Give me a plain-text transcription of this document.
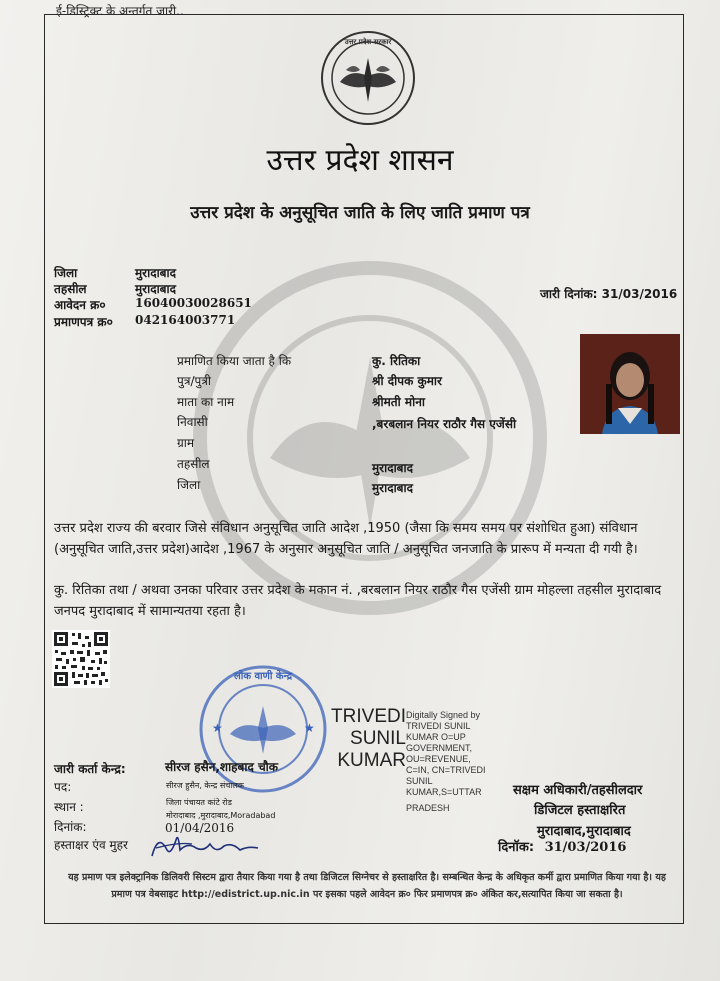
ई-डिस्ट्रिक्ट के अन्तर्गत जारी..
उत्तर प्रदेश सरकार
उत्तर प्रदेश शासन
उत्तर प्रदेश के अनुसूचित जाति के लिए जाति प्रमाण पत्र
जिला	मुरादाबाद
तहसील	मुरादाबाद
आवेदन क्र० 16040030028651
प्रमाणपत्र क्र० 042164003771
जारी दिनांक: 31/03/2016
प्रमाणित किया जाता है कि	कु. रितिका
पुत्र/पुत्री	श्री दीपक कुमार
माता का नाम	श्रीमती मोना
निवासी	,बरबलान नियर राठौर गैस एजेंसी
ग्राम
तहसील	मुरादाबाद
जिला	मुरादाबाद
उत्तर प्रदेश राज्य की बरवार जिसे संविधान अनुसूचित जाति आदेश ,1950 (जैसा कि समय समय पर संशोधित हुआ) संविधान (अनुसूचित जाति,उत्तर प्रदेश)आदेश ,1967 के अनुसार अनुसूचित जाति / अनुसूचित जनजाति के प्रारूप में मन्यता दी गयी है।
कु. रितिका तथा / अथवा उनका परिवार उत्तर प्रदेश के मकान नं. ,बरबलान नियर राठौर गैस एजेंसी ग्राम मोहल्ला तहसील मुरादाबाद जनपद मुरादाबाद में सामान्यतया रहता है।
लोक वाणी केन्द्र
★	★
TRIVEDI
SUNIL
KUMAR
Digitally Signed by
TRIVEDI SUNIL
KUMAR O=UP
GOVERNMENT,
OU=REVENUE,
C=IN, CN=TRIVEDI
SUNIL
KUMAR,S=UTTAR
PRADESH
जारी कर्ता केन्द्र:	सीरज हसैन,शाहबाद चौक
पद:	सीरज हुसैन, केन्द्र संचालक
स्थान :	जिला पंचायत कांटे रोड
मोरादाबाद ,मुरादाबाद,Moradabad
दिनांक:	01/04/2016
हस्ताक्षर एंव मुहर
सक्षम अधिकारी/तहसीलदार
डिजिटल हस्ताक्षरित
मुरादाबाद,मुरादाबाद
दिनॉक: 31/03/2016
यह प्रमाण पत्र इलेक्ट्रानिक डिलिवरी सिस्टम द्वारा तैयार किया गया है तथा डिजिटल सिग्नेचर से हस्ताक्षरित है। सम्बन्धित केन्द्र के अधिकृत कर्मी द्वारा प्रमाणित किया गया है। यह प्रमाण पत्र वेबसाइट http://edistrict.up.nic.in पर इसका पहले आवेदन क्र० फिर प्रमाणपत्र क्र० अंकित कर,सत्यापित किया जा सकता है।
